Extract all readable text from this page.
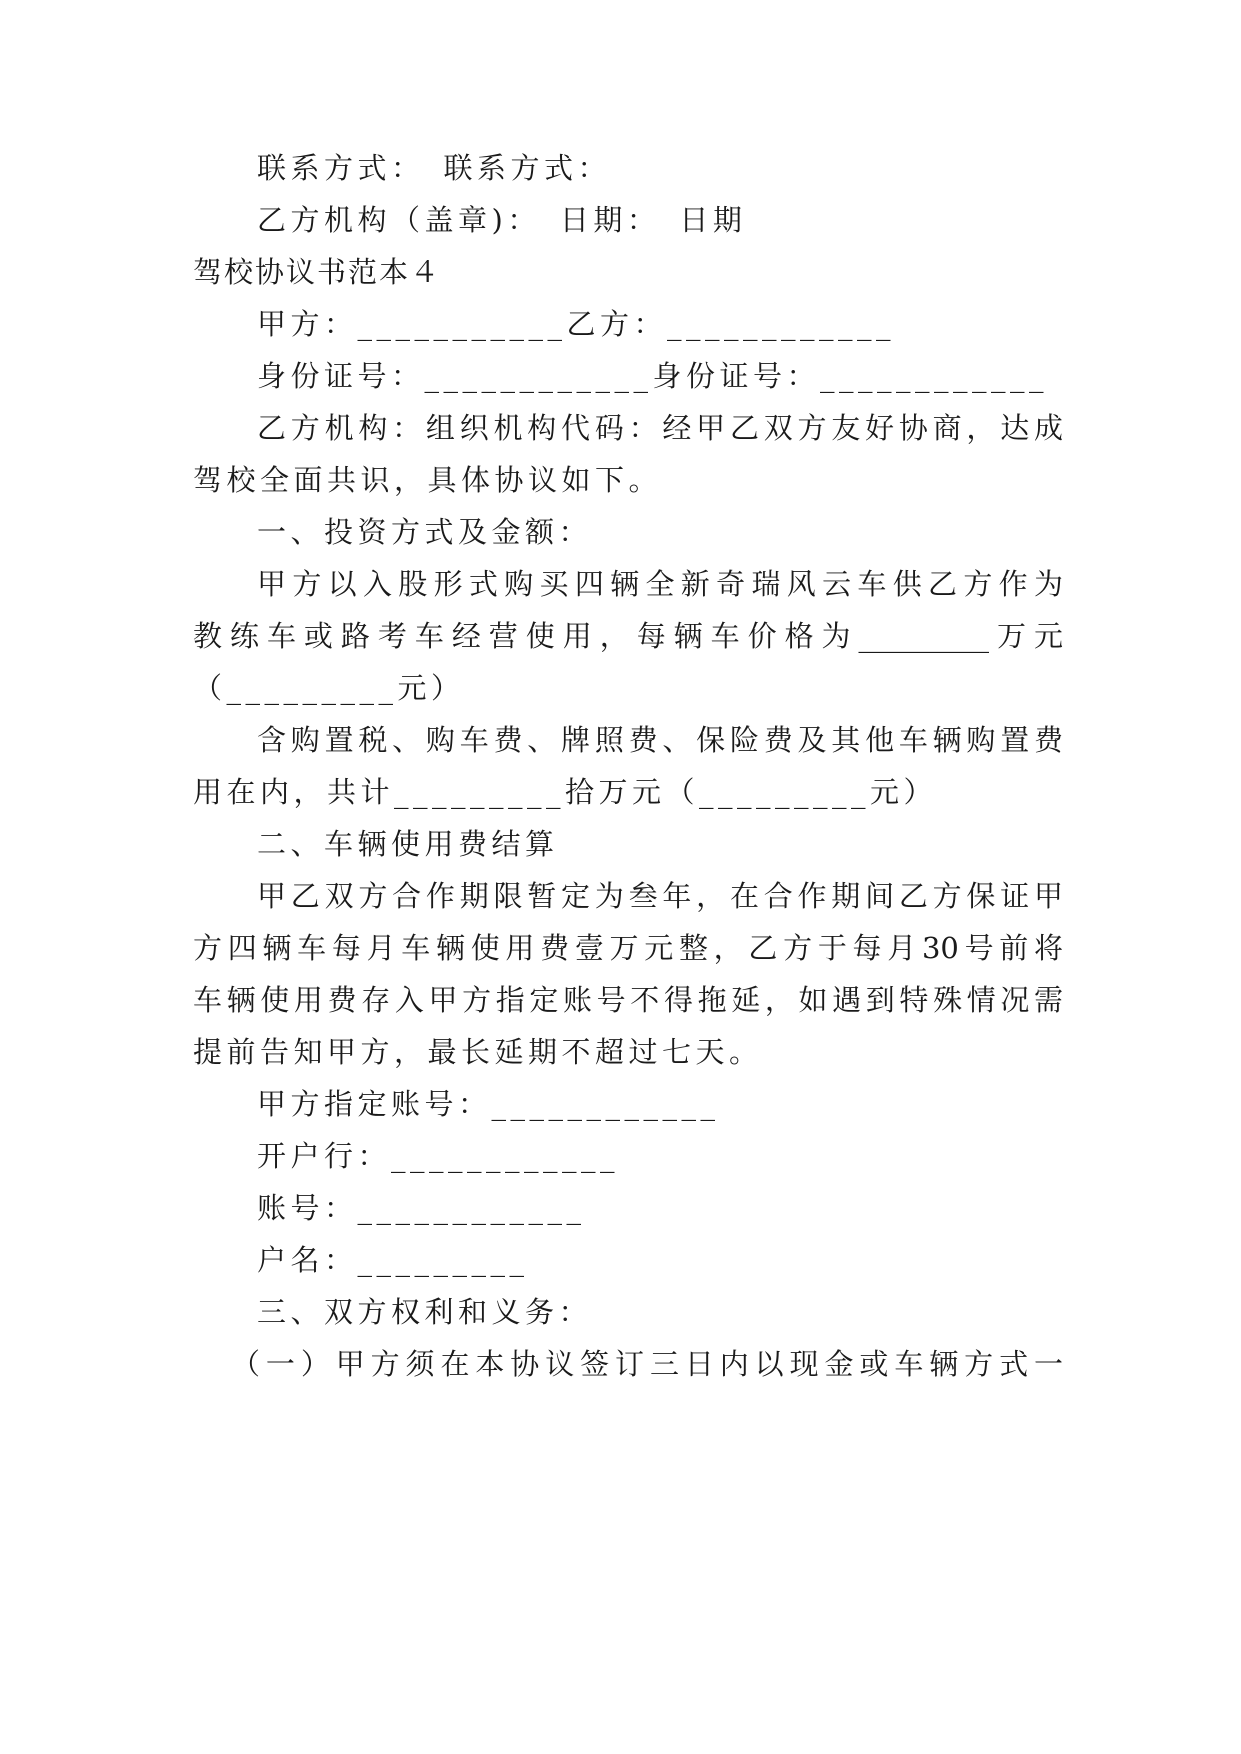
联系方式：　联系方式：
乙方机构（盖章)：　日期：　日期
驾校协议书范本４
甲方：___________乙方：____________
身份证号：____________身份证号：____________
乙方机构：组织机构代码：经甲乙双方友好协商，达成
驾校全面共识，具体协议如下。
一、投资方式及金额：
甲方以入股形式购买四辆全新奇瑞风云车供乙方作为
教练车或路考车经营使用，每辆车价格为_________万元
（_________元）
含购置税、购车费、牌照费、保险费及其他车辆购置费
用在内，共计_________拾万元（_________元）
二、车辆使用费结算
甲乙双方合作期限暂定为叁年，在合作期间乙方保证甲
方四辆车每月车辆使用费壹万元整，乙方于每月30号前将
车辆使用费存入甲方指定账号不得拖延，如遇到特殊情况需
提前告知甲方，最长延期不超过七天。
甲方指定账号：____________
开户行：____________
账号：____________
户名：_________
三、双方权利和义务：
（一）甲方须在本协议签订三日内以现金或车辆方式一
